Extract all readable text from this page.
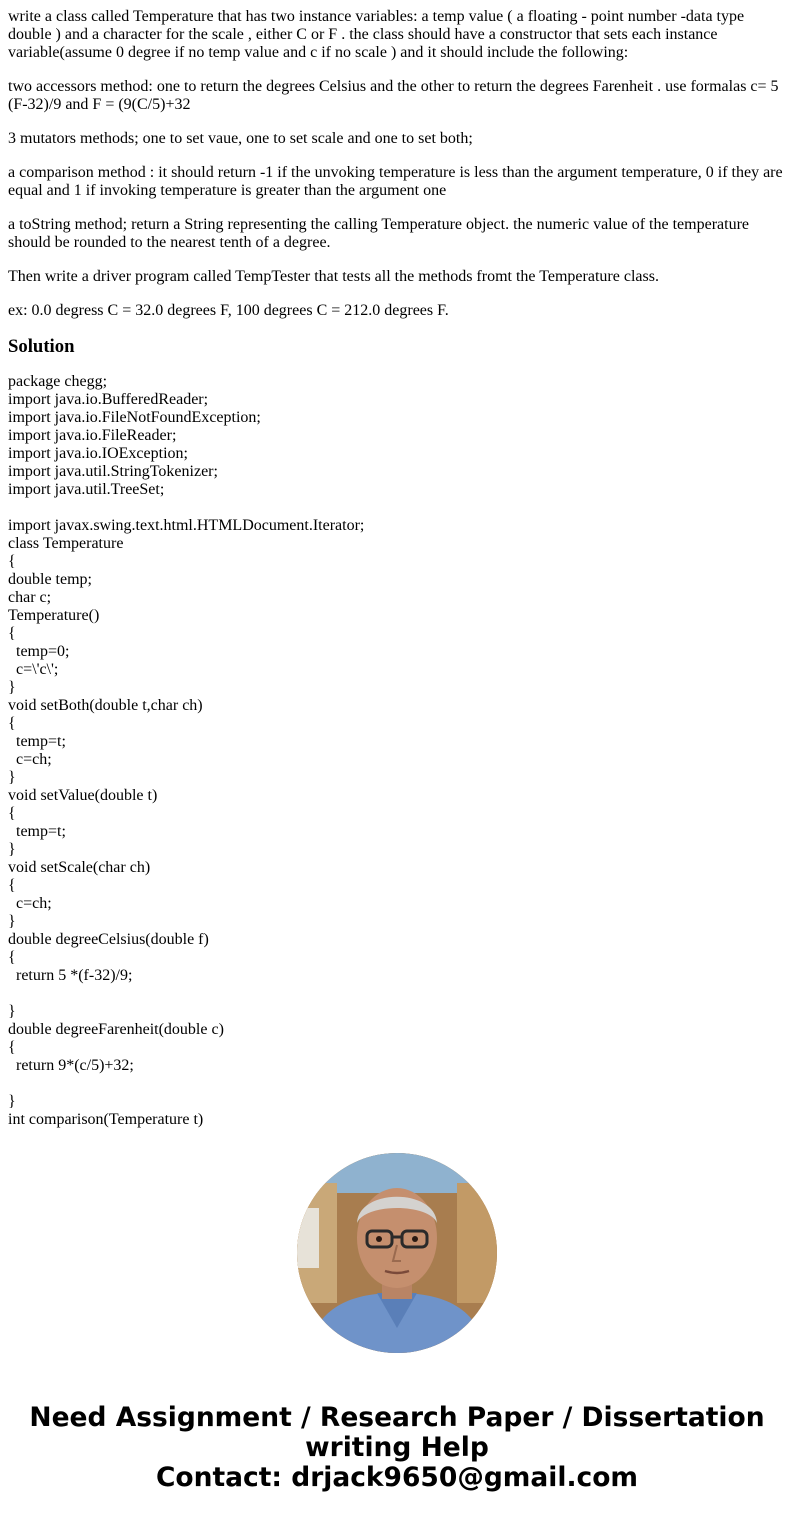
write a class called Temperature that has two instance variables: a temp value ( a floating - point number -data type double ) and a character for the scale , either C or F . the class should have a constructor that sets each instance variable(assume 0 degree if no temp value and c if no scale ) and it should include the following:

two accessors method: one to return the degrees Celsius and the other to return the degrees Farenheit . use formalas c= 5 (F-32)/9 and F = (9(C/5)+32

3 mutators methods; one to set vaue, one to set scale and one to set both;

a comparison method : it should return -1 if the unvoking temperature is less than the argument temperature, 0 if they are equal and 1 if invoking temperature is greater than the argument one

a toString method; return a String representing the calling Temperature object. the numeric value of the temperature should be rounded to the nearest tenth of a degree.

Then write a driver program called TempTester that tests all the methods fromt the Temperature class.

ex: 0.0 degress C = 32.0 degrees F, 100 degrees C = 212.0 degrees F.

Solution
package chegg;
import java.io.BufferedReader;
import java.io.FileNotFoundException;
import java.io.FileReader;
import java.io.IOException;
import java.util.StringTokenizer;
import java.util.TreeSet;
import javax.swing.text.html.HTMLDocument.Iterator;
class Temperature
{
double temp;
char c;
Temperature()
{
temp=0;
c=\'c\';
}
void setBoth(double t,char ch)
{
temp=t;
c=ch;
}
void setValue(double t)
{
temp=t;
}
void setScale(char ch)
{
c=ch;
}
double degreeCelsius(double f)
{
return 5 *(f-32)/9;
}
double degreeFarenheit(double c)
{
return 9*(c/5)+32;
}
int comparison(Temperature t)
Need Assignment / Research Paper / Dissertation
writing Help
Contact: drjack9650@gmail.com
